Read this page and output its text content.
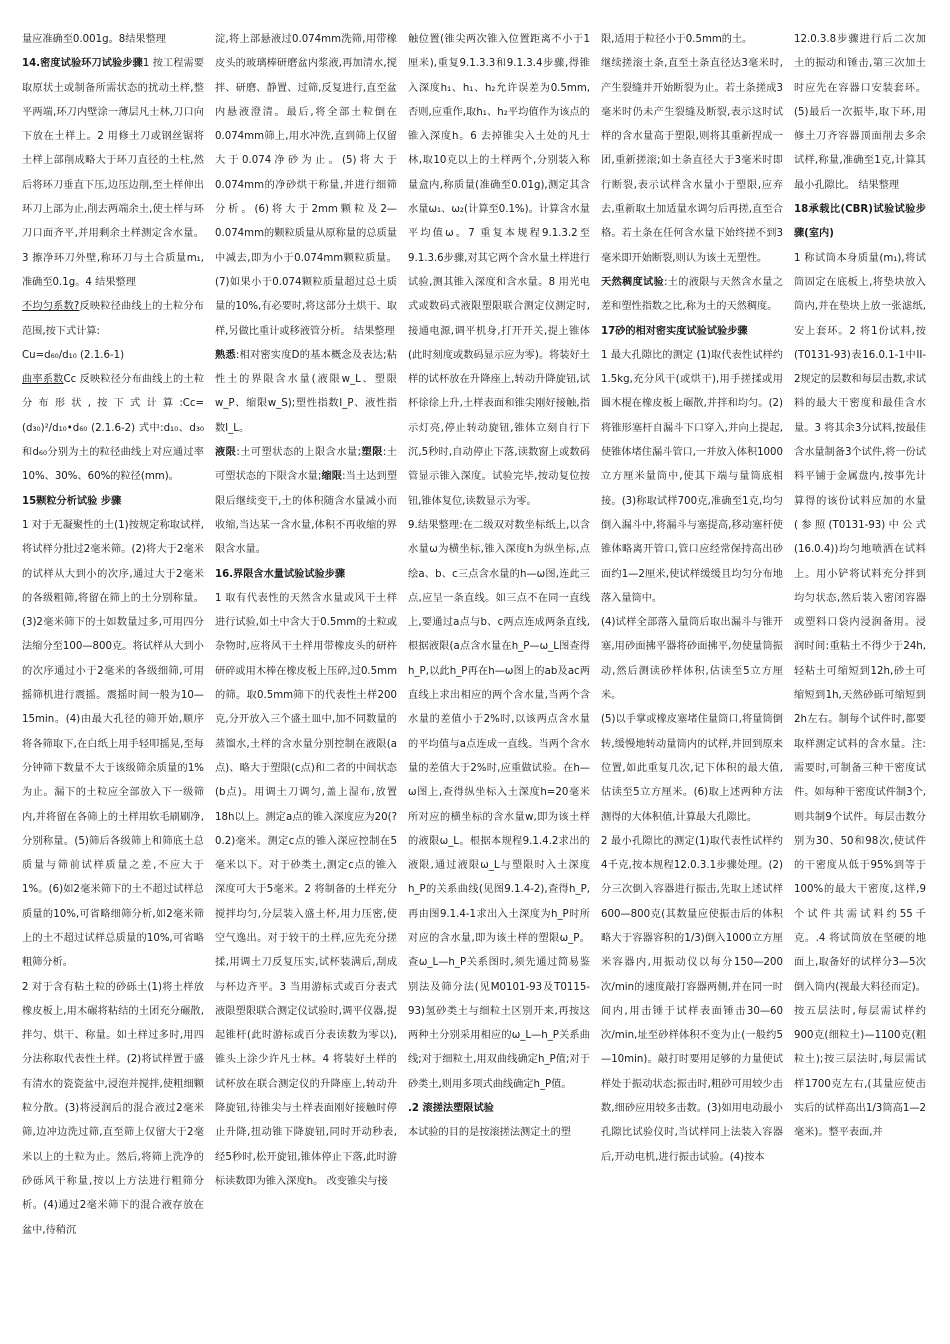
量应准确至0.001g。8结果整理

14.密度试验环刀试验步骤1 按工程需要取原状土或制备所需状态的扰动土样,整平两端,环刀内壁涂一薄层凡士林,刀口向下放在土样上。2 用修土刀或钢丝锯将土样上部削成略大于环刀直径的土柱,然后将环刀垂直下压,边压边削,至土样伸出环刀上部为止,削去两端余土,使土样与环刀口面齐平,并用剩余土样测定含水量。3 擦净环刀外壁,称环刀与土合质量m₁,准确至0.1g。4 结果整理

不均匀系数?反映粒径曲线上的土粒分布范围,按下式计算:

Cu=d₆₀/d₁₀ (2.1.6-1)

曲率系数Cc 反映粒径分布曲线上的土粒分布形状,按下式计算:Cc=(d₃₀)²/d₁₀•d₆₀ (2.1.6-2) 式中:d₁₀、d₃₀和d₆₀分别为土的粒径曲线上对应通过率10%、30%、60%的粒径(mm)。

15颗粒分析试验 步骤

1 对于无凝聚性的土(1)按规定称取试样,将试样分批过2毫米筛。(2)将大于2毫米的试样从大到小的次序,通过大于2毫米的各级粗筛,将留在筛上的土分别称量。(3)2毫米筛下的土如数量过多,可用四分法缩分至100—800克。将试样从大到小的次序通过小于2毫米的各级细筛,可用摇筛机进行震摇。震摇时间一般为10—15min。(4)由最大孔径的筛开始,顺序将各筛取下,在白纸上用手轻叩摇晃,至每分钟筛下数量不大于该级筛余质量的1%为止。漏下的土粒应全部放入下一级筛内,并将留在各筛上的土样用软毛刷刷净,分别称量。(5)筛后各级筛上和筛底土总质量与筛前试样质量之差,不应大于1%。(6)如2毫米筛下的土不超过试样总质量的10%,可省略细筛分析,如2毫米筛上的土不超过试样总质量的10%,可省略粗筛分析。

2 对于含有粘土粒的砂砾土(1)将土样放橡皮板上,用木碾将粘结的土团充分碾散,拌匀、烘干、称量。如土样过多时,用四分法称取代表性土样。(2)将试样置于盛有清水的瓷瓷盆中,浸泡并搅拌,使粗细颗粒分散。(3)将浸润后的混合液过2毫米筛,边冲边洗过筛,直至筛上仅留大于2毫米以上的土粒为止。然后,将筛上洗净的砂砾风干称量,按以上方法进行粗筛分析。(4)通过2毫米筛下的混合液存放在盆中,待稍沉

淀,将上部悬液过0.074mm洗筛,用带橡皮头的玻璃棒研磨盆内浆液,再加清水,搅拌、研磨、静置、过筛,反复进行,直至盆内悬液澄清。最后,将全部土粒倒在0.074mm筛上,用水冲洗,直到筛上仅留大于0.074净砂为止。(5)将大于0.074mm的净砂烘干称量,并进行细筛分析。(6)将大于2mm颗粒及2—0.074mm的颗粒质量从原称量的总质量中减去,即为小于0.074mm颗粒质量。(7)如果小于0.074颗粒质量超过总土质量的10%,有必要时,将这部分土烘干、取样,另做比重计或移液管分析。 结果整理

熟悉:相对密实度D的基本概念及表达;粘性土的界限含水量(液限w_L、塑限w_P、缩限w_S);塑性指数I_P、液性指数I_L。

液限:土可塑状态的上限含水量;塑限:土可塑状态的下限含水量;缩限:当土达到塑限后继续变干,土的体积随含水量减小而收缩,当达某一含水量,体积不再收缩的界限含水量。

16.界限含水量试验试验步骤

1 取有代表性的天然含水量或风干土样进行试验,如土中含大于0.5mm的土粒或杂物时,应将风干土样用带橡皮头的研杵研碎或用木棒在橡皮板上压碎,过0.5mm的筛。取0.5mm筛下的代表性土样200克,分开放入三个盛土皿中,加不同数量的蒸馏水,土样的含水量分别控制在液限(a点)、略大于塑限(c点)和二者的中间状态(b点)。用调土刀调匀,盖上湿布,放置18h以上。测定a点的锥入深度应为20(?0.2)毫米。测定c点的锥入深应控制在5毫米以下。对于砂类土,测定c点的锥入深度可大于5毫米。2 将制备的土样充分搅拌均匀,分层装入盛土杯,用力压密,使空气逸出。对于较干的土样,应先充分搓揉,用调土刀反复压实,试杯装满后,刮成与杯边齐平。3 当用游标式或百分表式液限塑限联合测定仪试验时,调平仪器,提起锥杆(此时游标或百分表读数为零以),锥头上涂少许凡士林。4 将装好土样的试杯放在联合测定仪的升降座上,转动升降旋钮,待锥尖与土样表面刚好接触时停止升降,扭动锥下降旋钮,同时开动秒表,经5秒时,松开旋钮,锥体停止下落,此时游标读数即为锥入深度h。 改变锥尖与接

触位置(锥尖两次锥入位置距离不小于1厘米),重复9.1.3.3和9.1.3.4步骤,得锥入深度h₁、h₁、h₂允许误差为0.5mm,否则,应重作,取h₁、h₂平均值作为该点的锥入深度h。6 去掉锥尖入土处的凡士林,取10克以上的土样两个,分别装入称量盒内,称质量(准确至0.01g),测定其含水量ω₁、ω₂(计算至0.1%)。计算含水量平均值ω。7 重复本规程9.1.3.2至9.1.3.6步骤,对其它两个含水量土样进行试验,测其锥入深度和含水量。8 用光电式或数码式液限塑限联合测定仪测定时,接通电源,调平机身,打开开关,提上锥体(此时刻度或数码显示应为零)。将装好土样的试杯放在升降座上,转动升降旋钮,试杯徐徐上升,土样表面和锥尖刚好接触,指示灯亮,停止转动旋钮,锥体立刻自行下沉,5秒时,自动停止下落,读数窗上或数码管显示锥入深度。试验完毕,按动复位按钮,锥体复位,读数显示为零。

9.结果整理:在二级双对数坐标纸上,以含水量ω为横坐标,锥入深度h为纵坐标,点绘a、b、c三点含水量的h—ω图,连此三点,应呈一条直线。如三点不在同一直线上,要通过a点与b、c两点连成两条直线,根据液限(a点含水量在h_P—ω_L图查得h_P,以此h_P再在h—ω图上的ab及ac两直线上求出相应的两个含水量,当两个含水量的差值小于2%时,以该两点含水量的平均值与a点连成一直线。当两个含水量的差值大于2%时,应重做试验。在h—ω图上,查得纵坐标入土深度h=20毫米所对应的横坐标的含水量w,即为该土样的液限ω_L。根据本规程9.1.4.2求出的液限,通过液限ω_L与塑限时入土深度h_P的关系曲线(见图9.1.4-2),查得h_P,再由图9.1.4-1求出入土深度为h_P时所对应的含水量,即为该土样的塑限ω_P。查ω_L—h_P关系图时,须先通过简易鉴别法及筛分法(见M0101-93及T0115-93)氢砂类土与细粒土区别开来,再按这两种土分别采用相应的ω_L—h_P关系曲线;对于细粒土,用双曲线确定h_P值;对于砂类土,则用多项式曲线确定h_P值。

.2 滚搓法塑限试验

本试验的目的是按滚搓法测定土的塑

限,适用于粒径小于0.5mm的土。

继续搓滚土条,直至土条直径达3毫米时,产生裂缝并开始断裂为止。若土条搓成3毫米时仍未产生裂缝及断裂,表示这时试样的含水量高于塑限,则将其重新捏成一团,重新搓滚;如土条直径大于3毫米时即行断裂,表示试样含水量小于塑限,应弃去,重新取土加适量水调匀后再搓,直至合格。若土条在任何含水量下始终搓不到3毫米即开始断裂,则认为该土无塑性。

天然稠度试验:土的液限与天然含水量之差和塑性指数之比,称为土的天然稠度。

17砂的相对密实度试验试验步骤

1 最大孔隙比的测定 (1)取代表性试样约1.5kg,充分风干(或烘干),用手搓揉或用圆木棍在橡皮板上碾散,并拌和均匀。(2)将锥形塞杆自漏斗下口穿入,并向上提起,使锥体堵住漏斗管口,一并放入体积1000立方厘米量筒中,使其下端与量筒底相接。(3)称取试样700克,准确至1克,均匀倒入漏斗中,将漏斗与塞提高,移动塞杆使锥体略离开管口,管口应经常保持高出砂面约1—2厘米,使试样缓缓且均匀分布地落入量筒中。

(4)试样全部落入量筒后取出漏斗与锥开塞,用砂面拂平器将砂面拂平,勿使量筒振动,然后测读砂样体积,估读至5立方厘米。

(5)以手掌或橡皮塞堵住量筒口,将量筒倒转,缓慢地转动量筒内的试样,并回到原来位置,如此重复几次,记下体积的最大值,估读至5立方厘米。(6)取上述两种方法测得的大体积值,计算最大孔隙比。

2 最小孔隙比的测定(1)取代表性试样约4千克,按本规程12.0.3.1步骤处理。(2)分三次倒入容器进行振击,先取上述试样600—800克(其数量应使振击后的体积略大于容器容积的1/3)倒入1000立方厘米容器内,用振动仪以每分150—200次/min的速度敲打容器两侧,并在同一时间内,用击锤于试样表面锤击30—60次/min,址至砂样体积不变为止(一般约5—10min)。敲打时要用足够的力量使试样处于振动状态;振击时,粗砂可用较少击数,细砂应用较多击数。(3)如用电动最小孔隙比试验仪时,当试样同上法装入容器后,开动电机,进行振击试验。(4)按本

12.0.3.8步骤进行后二次加土的振动和锤击,第三次加土时应先在容器口安装套环。(5)最后一次振毕,取下环,用修土刀齐容器顶面削去多余试样,称量,准确至1克,计算其最小孔隙比。 结果整理

18承载比(CBR)试验试验步骤(室内)

1 称试筒本身质量(m₁),将试筒固定在底板上,将垫块放入筒内,并在垫块上放一张滤纸,安上套环。2 将1份试料,按(T0131-93)表16.0.1-1中II-2规定的层数和每层击数,求试料的最大干密度和最佳含水量。3 将其余3分试料,按最佳含水量制备3个试件,将一份试料平铺于金属盘内,按事先计算得的该份试料应加的水量(参照(T0131-93)中公式(16.0.4))均匀地喷洒在试料上。用小铲将试料充分拌到均匀状态,然后装入密闭容器或塑料口袋内浸润备用。浸润时间:重粘土不得少于24h,轻粘土可缩短到12h,砂土可缩短到1h,天然砂砾可缩短到2h左右。制每个试件时,都要取样测定试料的含水量。注:需要时,可制备三种干密度试件。如每种干密度试件制3个,则共制9个试件。每层击数分别为30、50和98次,使试件的干密度从低于95%到等于100%的最大干密度,这样,9个试件共需试料约55千克。.4 将试筒放在坚硬的地面上,取备好的试样分3—5次倒入筒内(视最大料径而定)。按五层法时,每层需试样约900克(细粒土)—1100克(粗粒土);按三层法时,每层需试样1700克左右,(其量应使击实后的试样高出1/3筒高1—2毫米)。整平表面,并
